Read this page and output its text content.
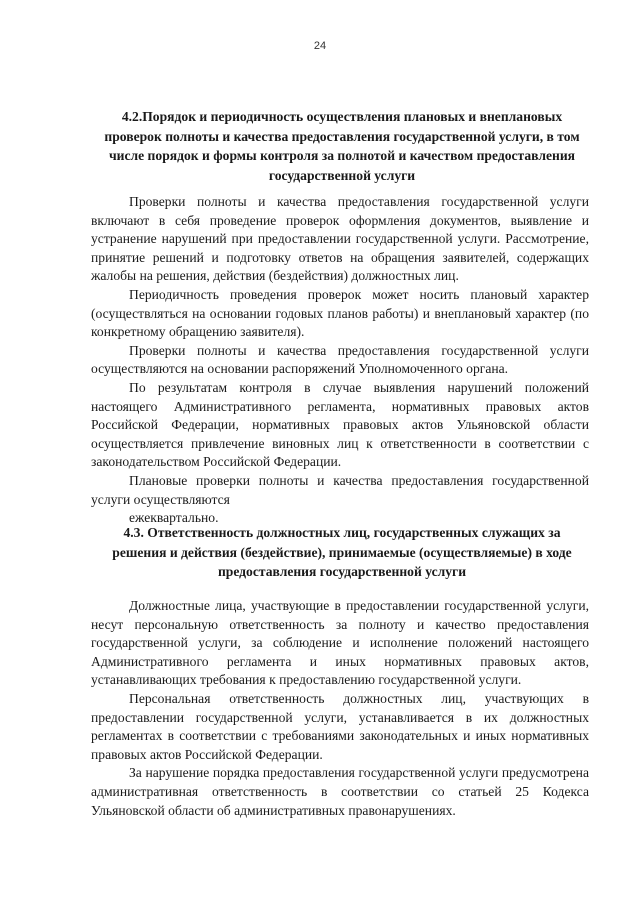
24
4.2.Порядок и периодичность осуществления плановых и внеплановых проверок полноты и качества предоставления государственной услуги, в том числе порядок и формы контроля за полнотой и качеством предоставления государственной услуги

Проверки полноты и качества предоставления государственной услуги включают в себя проведение проверок оформления документов, выявление и устранение нарушений при предоставлении государственной услуги. Рассмотрение, принятие решений и подготовку ответов на обращения заявителей, содержащих жалобы на решения, действия (бездействия) должностных лиц.

Периодичность проведения проверок может носить плановый характер (осуществляться на основании годовых планов работы) и внеплановый характер (по конкретному обращению заявителя).

Проверки полноты и качества предоставления государственной услуги осуществляются на основании распоряжений Уполномоченного органа.

По результатам контроля в случае выявления нарушений положений настоящего Административного регламента, нормативных правовых актов Российской Федерации, нормативных правовых актов Ульяновской области осуществляется привлечение виновных лиц к ответственности в соответствии с законодательством Российской Федерации.

Плановые проверки полноты и качества предоставления государственной услуги осуществляются

ежеквартально.
4.3. Ответственность должностных лиц, государственных служащих за решения и действия (бездействие), принимаемые (осуществляемые) в ходе предоставления государственной услуги

Должностные лица, участвующие в предоставлении государственной услуги, несут персональную ответственность за полноту и качество предоставления государственной услуги, за соблюдение и исполнение положений настоящего Административного регламента и иных нормативных правовых актов, устанавливающих требования к предоставлению государственной услуги.

Персональная ответственность должностных лиц, участвующих в предоставлении государственной услуги, устанавливается в их должностных регламентах в соответствии с требованиями законодательных и иных нормативных правовых актов Российской Федерации.

За нарушение порядка предоставления государственной услуги предусмотрена административная ответственность в соответствии со статьей 25 Кодекса Ульяновской области об административных правонарушениях.
